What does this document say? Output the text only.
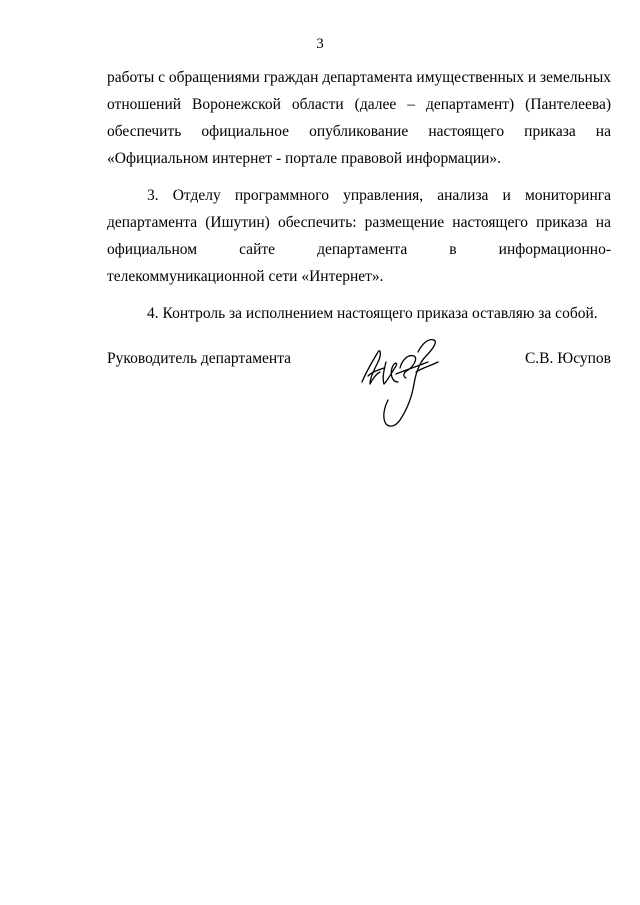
3

работы с обращениями граждан департамента имущественных и земельных
отношений Воронежской области (далее – департамент) (Пантелеева)
обеспечить официальное опубликование настоящего приказа на
«Официальном интернет - портале правовой информации».

3. Отделу программного управления, анализа и мониторинга департамента (Ишутин) обеспечить: размещение настоящего приказа на официальном сайте департамента в информационно-телекоммуникационной сети «Интернет».

4. Контроль за исполнением настоящего приказа оставляю за собой.

Руководитель департамента	С.В. Юсупов
